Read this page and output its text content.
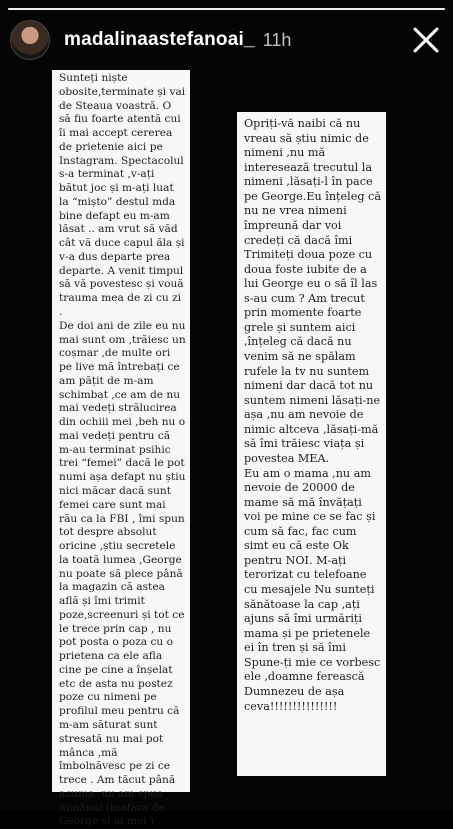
madalinaastefanoai_ 11h

Sunteți niște obosite,terminate și vai de Steaua voastră. O să fiu foarte atentă cui îi mai accept cererea de prietenie aici pe Instagram. Spectacolul s-a terminat ,v-ați bătut joc și m-ați luat la “mișto” destul mda bine defapt eu m-am lăsat .. am vrut să văd cât vă duce capul ăla și v-a dus departe prea departe. A venit timpul să vă povestesc și vouă trauma mea de zi cu zi .

De doi ani de zile eu nu mai sunt om ,trăiesc un coșmar ,de multe ori pe live mă întrebați ce am pățit de m-am schimbat ,ce am de nu mai vedeți strălucirea din ochiii mei ,beh nu o mai vedeți pentru că m-au terminat psihic trei “femei” dacă le pot numi așa defapt nu știu nici măcar dacă sunt femei care sunt mai rău ca la FBI , îmi spun tot despre absolut oricine ,știu secretele la toată lumea ,George nu poate să plece până la magazin că astea află și îmi trimit poze,screenuri și tot ce le trece prin cap , nu pot posta o poza cu o prietena ca ele afla cine pe cine a înșelat etc de asta nu postez poze cu nimeni pe profilul meu pentru că m-am săturat sunt stresată nu mai pot mânca ,mă îmbolnăvesc pe zi ce trece . Am tăcut până acuma ,nu am spus nimănui (inafara de George și ai mei )

Opriți-vă naibi că nu vreau să știu nimic de nimeni ,nu mă interesează trecutul la nimeni ,lăsați-l în pace pe George.Eu înțeleg că nu ne vrea nimeni împreună dar voi credeți că dacă îmi Trimiteți doua poze cu doua foste iubite de a lui George eu o să îl las s-au cum ? Am trecut prin momente foarte grele și suntem aici ,înțeleg că dacă nu venim să ne spălam rufele la tv nu suntem nimeni dar dacă tot nu suntem nimeni lăsați-ne așa ,nu am nevoie de nimic altceva ,lăsați-mă să îmi trăiesc viața și povestea MEA.

Eu am o mama ,nu am nevoie de 20000 de mame să mă învățați voi pe mine ce se fac și cum să fac, fac cum simt eu că este Ok pentru NOI. M-ați terorizat cu telefoane cu mesajele Nu sunteți sănătoase la cap ,ați ajuns să îmi urmăriți mama și pe prietenele ei în tren și să îmi Spune-ți mie ce vorbesc ele ,doamne ferească Dumnezeu de așa ceva!!!!!!!!!!!!!!!
